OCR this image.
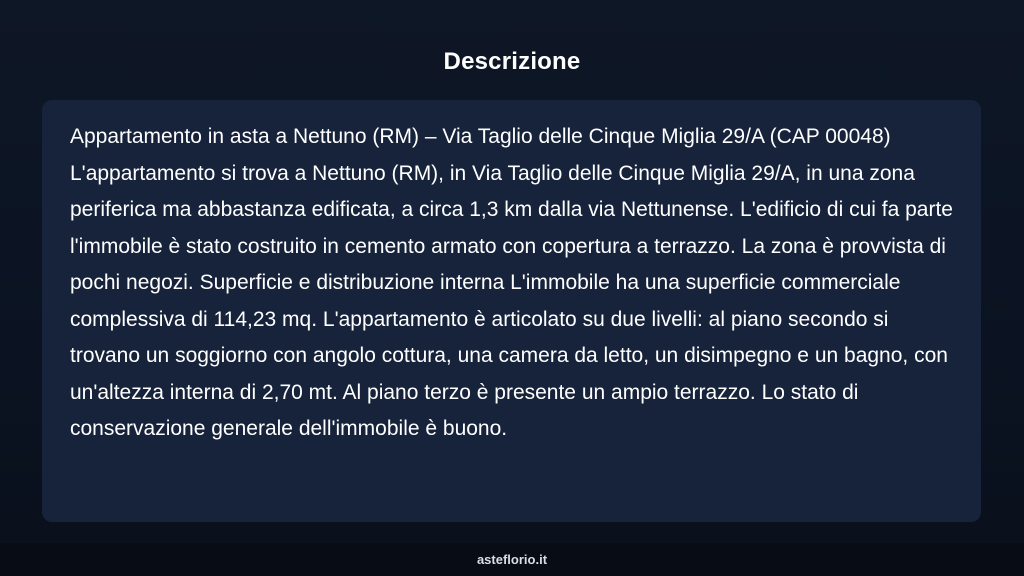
Descrizione

Appartamento in asta a Nettuno (RM) – Via Taglio delle Cinque Miglia 29/A (CAP 00048) L'appartamento si trova a Nettuno (RM), in Via Taglio delle Cinque Miglia 29/A, in una zona periferica ma abbastanza edificata, a circa 1,3 km dalla via Nettunense. L'edificio di cui fa parte l'immobile è stato costruito in cemento armato con copertura a terrazzo. La zona è provvista di pochi negozi. Superficie e distribuzione interna L'immobile ha una superficie commerciale complessiva di 114,23 mq. L'appartamento è articolato su due livelli: al piano secondo si trovano un soggiorno con angolo cottura, una camera da letto, un disimpegno e un bagno, con un'altezza interna di 2,70 mt. Al piano terzo è presente un ampio terrazzo. Lo stato di conservazione generale dell'immobile è buono.

asteflorio.it
